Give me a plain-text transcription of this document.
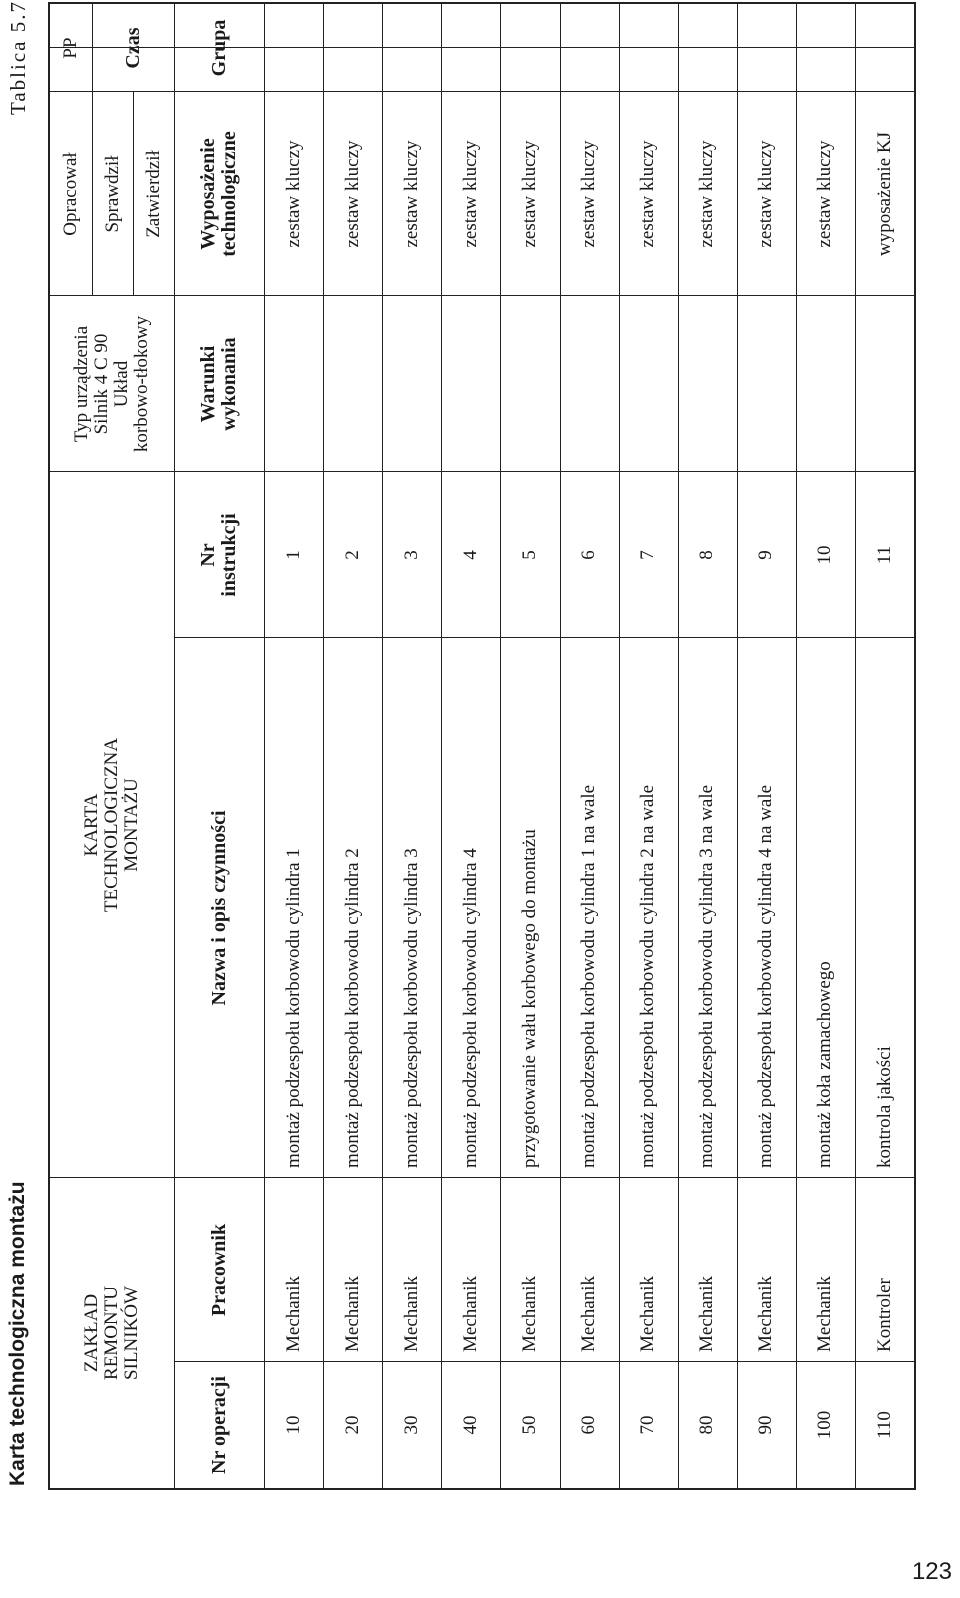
123
Karta technologiczna montażu
Tablica 5.7
ZAKŁAD
REMONTU
SILNIKÓW
KARTA
TECHNOLOGICZNA
MONTAŻU
Typ urządzenia
Silnik 4 C 90
Układ
korbowo-tłokowy
Opracował	Sprawdził	Zatwierdził
PP
Nr operacji
Pracownik
Nazwa i opis czynności
Nr instrukcji
Warunki wykonania
Wyposażenie technologiczne
Grupa
Czas
10
Mechanik
montaż podzespołu korbowodu cylindra 1
1
zestaw kluczy
20
Mechanik
montaż podzespołu korbowodu cylindra 2
2
zestaw kluczy
30
Mechanik
montaż podzespołu korbowodu cylindra 3
3
zestaw kluczy
40
Mechanik
montaż podzespołu korbowodu cylindra 4
4
zestaw kluczy
50
Mechanik
przygotowanie wału korbowego do montażu
5
zestaw kluczy
60
Mechanik
montaż podzespołu korbowodu cylindra 1 na wale
6
zestaw kluczy
70
Mechanik
montaż podzespołu korbowodu cylindra 2 na wale
7
zestaw kluczy
80
Mechanik
montaż podzespołu korbowodu cylindra 3 na wale
8
zestaw kluczy
90
Mechanik
montaż podzespołu korbowodu cylindra 4 na wale
9
zestaw kluczy
100
Mechanik
montaż koła zamachowego
10
zestaw kluczy
110
Kontroler
kontrola jakości
11
wyposażenie KJ
